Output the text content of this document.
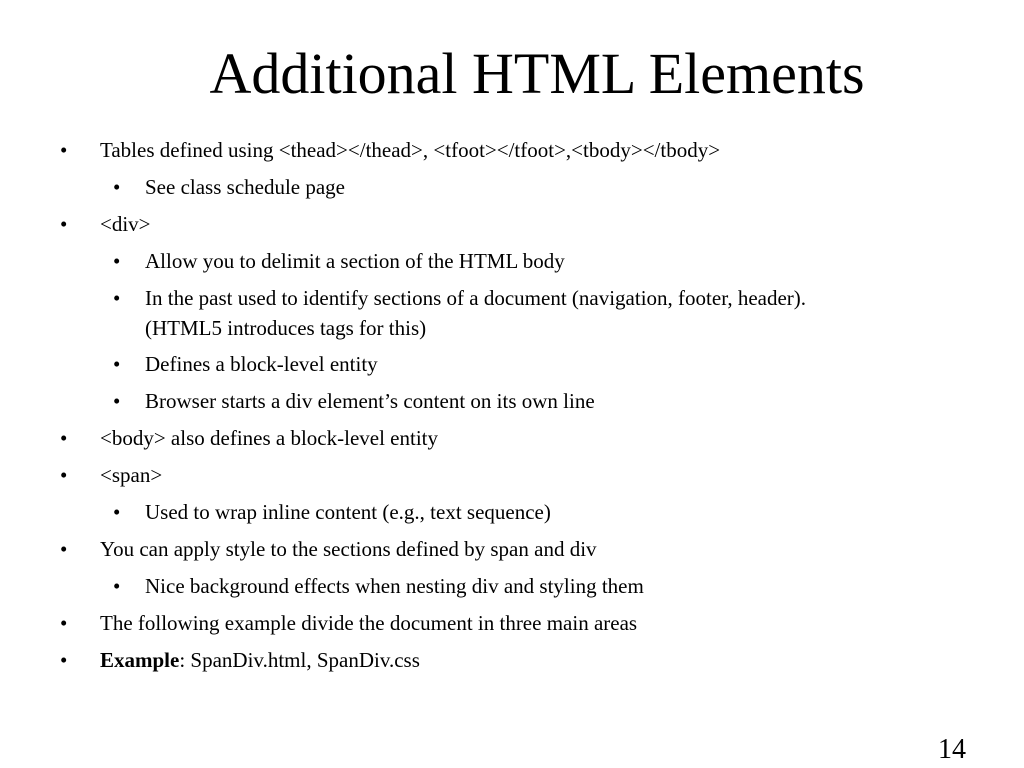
Additional HTML Elements
• Tables defined using <thead></thead>, <tfoot></tfoot>,<tbody></tbody>
• See class schedule page
• <div>
• Allow you to delimit a section of the HTML body
• In the past used to identify sections of a document (navigation, footer, header).
(HTML5 introduces tags for this)
• Defines a block-level entity
• Browser starts a div element’s content on its own line
• <body> also defines a block-level entity
• <span>
• Used to wrap inline content (e.g., text sequence)
• You can apply style to the sections defined by span and div
• Nice background effects when nesting div and styling them
• The following example divide the document in three main areas
• Example: SpanDiv.html, SpanDiv.css
14
